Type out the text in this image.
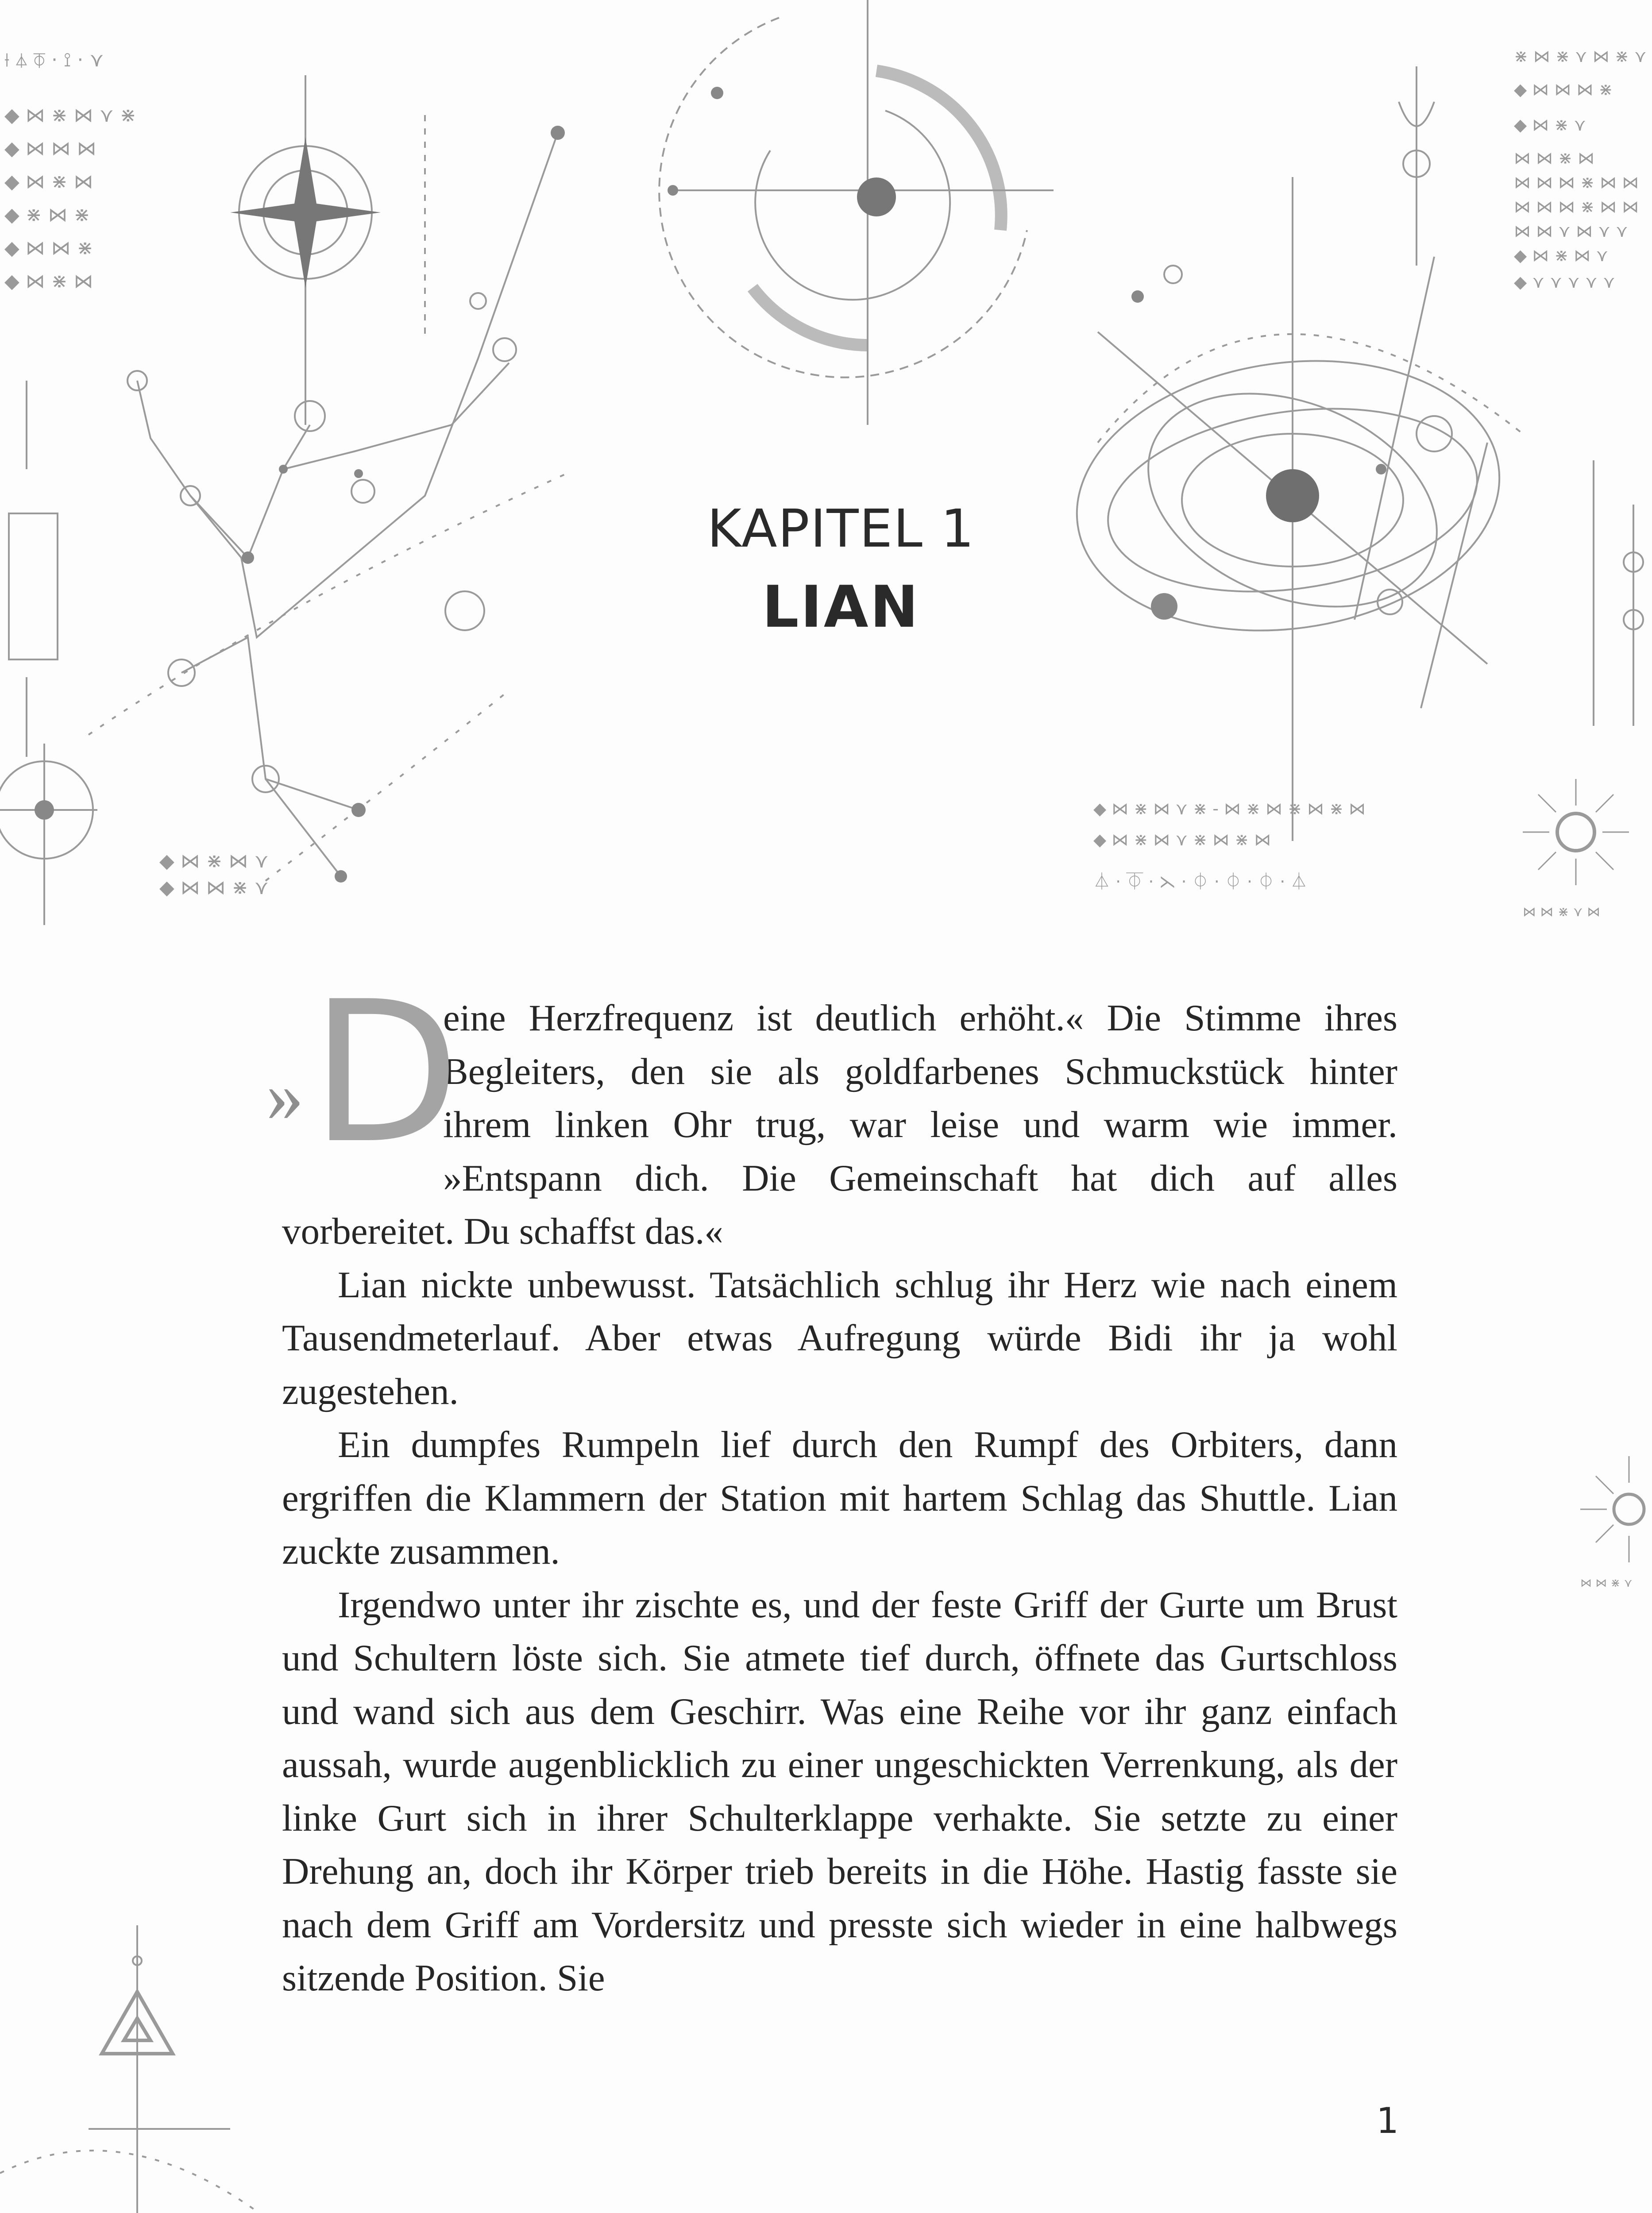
⟊ ⏃ ⏁ · ⟟ · ⋎
◆ ⋈ ⋇ ⋈ ⋎ ⋇
◆ ⋈ ⋈ ⋈
◆ ⋈ ⋇ ⋈
◆ ⋇ ⋈ ⋇
◆ ⋈ ⋈ ⋇
◆ ⋈ ⋇ ⋈
◆ ⋈ ⋇ ⋈ ⋎
◆ ⋈ ⋈ ⋇ ⋎
◆ ⋈ ⋇ ⋈ ⋎ ⋇ - ⋈ ⋇ ⋈ ⋇ ⋈ ⋇ ⋈
◆ ⋈ ⋇ ⋈ ⋎ ⋇ ⋈ ⋇ ⋈
⏃ · ⏁ · ⋋ · ⏀ · ⏀ · ⏀ · ⏃
⋇ ⋈ ⋇ ⋎ ⋈ ⋇ ⋎
◆ ⋈ ⋈ ⋈ ⋇
◆ ⋈ ⋇ ⋎
⋈ ⋈ ⋇ ⋈
⋈ ⋈ ⋈ ⋇ ⋈ ⋈
⋈ ⋈ ⋈ ⋇ ⋈ ⋈
⋈ ⋈ ⋎ ⋈ ⋎ ⋎
◆ ⋈ ⋇ ⋈ ⋎
◆ ⋎ ⋎ ⋎ ⋎ ⋎
⋈ ⋈ ⋇ ⋎ ⋈
⋈ ⋈ ⋇ ⋎
KAPITEL 1
LIAN
» D

eine Herzfrequenz ist deutlich erhöht.« Die Stimme ihres Begleiters, den sie als goldfarbenes Schmuckstück hinter ihrem linken Ohr trug, war leise und warm wie immer. »Entspann dich. Die Gemeinschaft hat dich auf alles vorbereitet. Du schaffst das.«

Lian nickte unbewusst. Tatsächlich schlug ihr Herz wie nach einem Tausendmeterlauf. Aber etwas Aufregung würde Bidi ihr ja wohl zugestehen.

Ein dumpfes Rumpeln lief durch den Rumpf des Orbiters, dann ergriffen die Klammern der Station mit hartem Schlag das Shuttle. Lian zuckte zusammen.

Irgendwo unter ihr zischte es, und der feste Griff der Gurte um Brust und Schultern löste sich. Sie atmete tief durch, öffnete das Gurtschloss und wand sich aus dem Geschirr. Was eine Reihe vor ihr ganz einfach aussah, wurde augenblicklich zu einer ungeschickten Verrenkung, als der linke Gurt sich in ihrer Schulterklappe verhakte. Sie setzte zu einer Drehung an, doch ihr Körper trieb bereits in die Höhe. Hastig fasste sie nach dem Griff am Vordersitz und presste sich wieder in eine halbwegs sitzende Position. Sie

1
